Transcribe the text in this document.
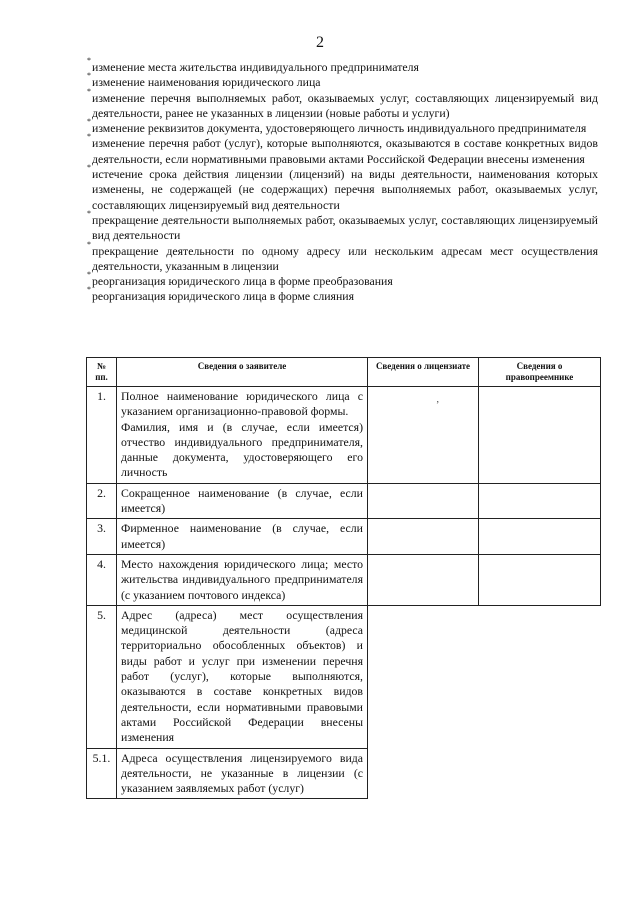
2
* изменение места жительства индивидуального предпринимателя
* изменение наименования юридического лица
* изменение перечня выполняемых работ, оказываемых услуг, составляющих лицензируемый вид деятельности, ранее не указанных в лицензии (новые работы и услуги)
* изменение реквизитов документа, удостоверяющего личность индивидуального предпринимателя
* изменение перечня работ (услуг), которые выполняются, оказываются в составе конкретных видов деятельности, если нормативными правовыми актами Российской Федерации внесены изменения
* истечение срока действия лицензии (лицензий) на виды деятельности, наименования которых изменены, не содержащей (не содержащих) перечня выполняемых работ, оказываемых услуг, составляющих лицензируемый вид деятельности
* прекращение деятельности выполняемых работ, оказываемых услуг, составляющих лицензируемый вид деятельности
* прекращение деятельности по одному адресу или нескольким адресам мест осуществления деятельности, указанным в лицензии
* реорганизация юридического лица в форме преобразования
* реорганизация юридического лица в форме слияния
№ пп.	Сведения о заявителе	Сведения о лицензиате	Сведения о правопреемнике
1.	Полное наименование юридического лица с указанием организационно-правовой формы.

Фамилия, имя и (в случае, если имеется) отчество индивидуального предпринимателя, данные документа, удостоверяющего его личность		

2.	Сокращенное наименование (в случае, если имеется)		

3.	Фирменное наименование (в случае, если имеется)		

4.	Место нахождения юридического лица; место жительства индивидуального предпринимателя (с указанием почтового индекса)		

5.	Адрес (адреса) мест осуществления медицинской деятельности (адреса территориально обособленных объектов) и виды работ и услуг при изменении перечня работ (услуг), которые выполняются, оказываются в составе конкретных видов деятельности, если нормативными правовыми актами Российской Федерации внесены изменения		

5.1.	Адреса осуществления лицензируемого вида деятельности, не указанные в лицензии (с указанием заявляемых работ (услуг)		

ʼ
